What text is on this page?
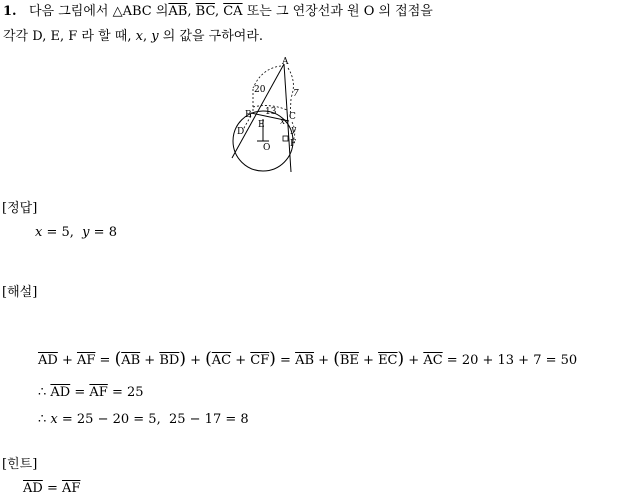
1. 다음 그림에서 △ABC 의$\overline{AB}$, $\overline{BC}$, $\overline{CA}$ 또는 그 연장선과 원 O 의 접점을
각각 D, E, F 라 할 때, x, y 의 값을 구하여라.
A
20	7
B 13 C
E x
y
D
O F
[정답]
x = 5,  y = 8
[해설]
$\overline{AD} + \overline{AF} = (\overline{AB} + \overline{BD}) + (\overline{AC} + \overline{CF}) = \overline{AB} + (\overline{BE} + \overline{EC}) + \overline{AC} = 20 + 13 + 7 = 50$
∴ $\overline{AD} = \overline{AF} = 25$
∴ x = 25 − 20 = 5,  25 − 17 = 8
[힌트]
$\overline{AD} = \overline{AF}$
